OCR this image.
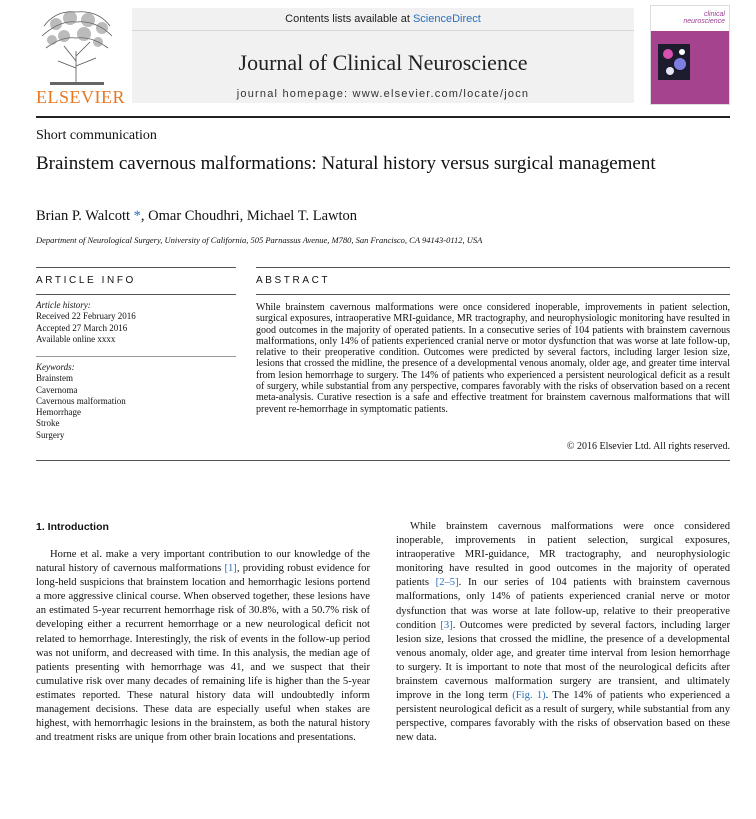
ELSEVIER
Contents lists available at ScienceDirect
Journal of Clinical Neuroscience
journal homepage: www.elsevier.com/locate/jocn
clinical
neuroscience
Short communication
Brainstem cavernous malformations: Natural history versus surgical management
Brian P. Walcott *, Omar Choudhri, Michael T. Lawton
Department of Neurological Surgery, University of California, 505 Parnassus Avenue, M780, San Francisco, CA 94143-0112, USA
ARTICLE INFO	ABSTRACT
Article history:
Received 22 February 2016
Accepted 27 March 2016
Available online xxxx
Keywords:
Brainstem
Cavernoma
Cavernous malformation
Hemorrhage
Stroke
Surgery
While brainstem cavernous malformations were once considered inoperable, improvements in patient selection, surgical exposures, intraoperative MRI-guidance, MR tractography, and neurophysiologic monitoring have resulted in good outcomes in the majority of operated patients. In a consecutive series of 104 patients with brainstem cavernous malformations, only 14% of patients experienced cranial nerve or motor dysfunction that was worse at late follow-up, relative to their preoperative condition. Outcomes were predicted by several factors, including larger lesion size, lesions that crossed the midline, the presence of a developmental venous anomaly, older age, and greater time interval from lesion hemorrhage to surgery. The 14% of patients who experienced a persistent neurological deficit as a result of surgery, while substantial from any perspective, compares favorably with the risks of observation based on a recent meta-analysis. Curative resection is a safe and effective treatment for brainstem cavernous malformations that will prevent re-hemorrhage in symptomatic patients.
© 2016 Elsevier Ltd. All rights reserved.
1. Introduction

Horne et al. make a very important contribution to our knowledge of the natural history of cavernous malformations [1], providing robust evidence for long-held suspicions that brainstem location and hemorrhagic lesions portend a more aggressive clinical course. When observed together, these lesions have an estimated 5-year recurrent hemorrhage risk of 30.8%, with a 50.7% risk of developing either a recurrent hemorrhage or a new neurological deficit not related to hemorrhage. Interestingly, the risk of events in the follow-up period was not uniform, and decreased with time. In this analysis, the median age of patients presenting with hemorrhage was 41, and we suspect that their cumulative risk over many decades of remaining life is higher than the 5-year estimates reported. These natural history data will undoubtedly inform management decisions. These data are especially useful when stakes are highest, with hemorrhagic lesions in the brainstem, as both the natural history and treatment risks are unique from other brain locations and presentations.

While brainstem cavernous malformations were once considered inoperable, improvements in patient selection, surgical exposures, intraoperative MRI-guidance, MR tractography, and neurophysiologic monitoring have resulted in good outcomes in the majority of operated patients [2–5]. In our series of 104 patients with brainstem cavernous malformations, only 14% of patients experienced cranial nerve or motor dysfunction that was worse at late follow-up, relative to their preoperative condition [3]. Outcomes were predicted by several factors, including larger lesion size, lesions that crossed the midline, the presence of a developmental venous anomaly, older age, and greater time interval from lesion hemorrhage to surgery. It is important to note that most of the neurological deficits after brainstem cavernous malformation surgery are transient, and ultimately improve in the long term (Fig. 1). The 14% of patients who experienced a persistent neurological deficit as a result of surgery, while substantial from any perspective, compares favorably with the risks of observation based on these new data.
